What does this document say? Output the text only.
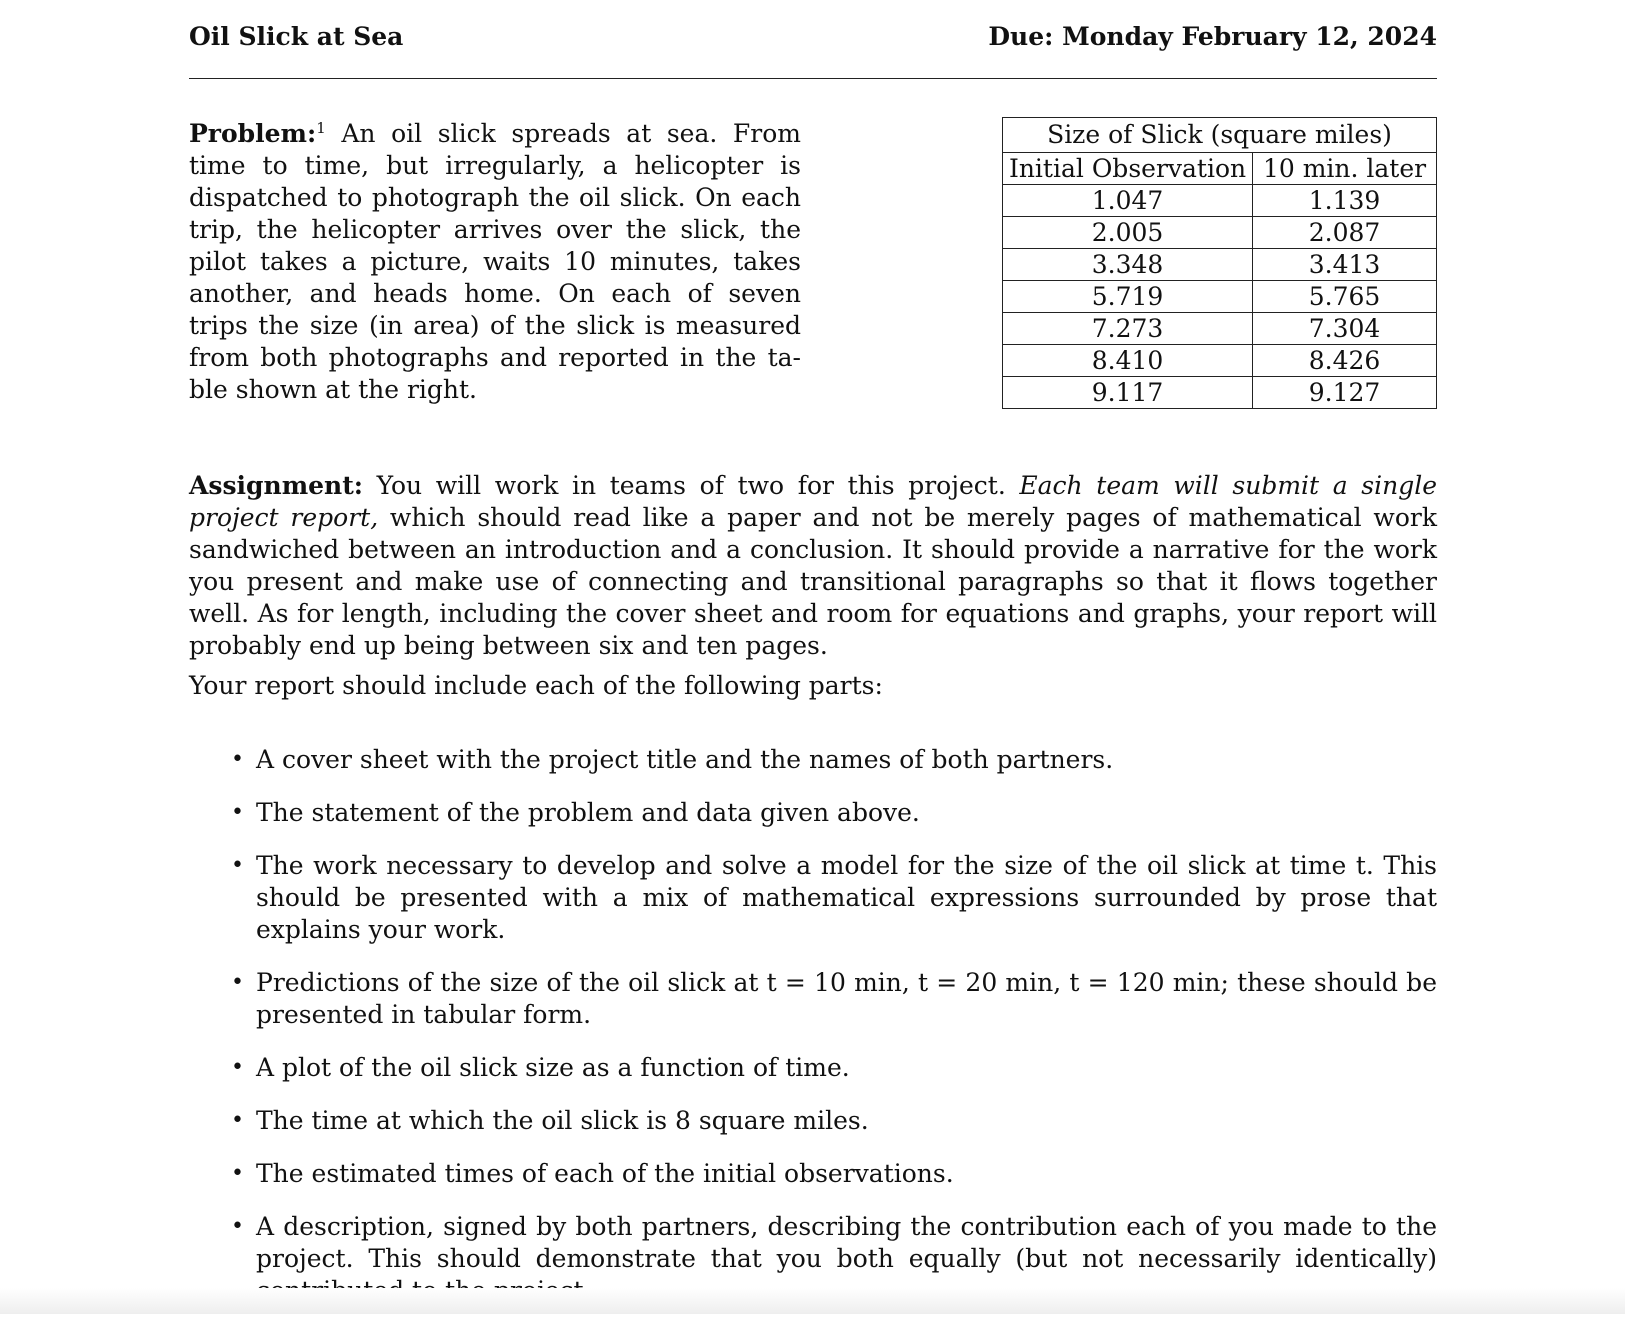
Oil Slick at Sea	Due: Monday February 12, 2024
Problem:$^1$ An oil slick spreads at sea. From time to time, but irregularly, a helicopter is dispatched to photograph the oil slick. On each trip, the helicopter arrives over the slick, the pilot takes a picture, waits 10 minutes, takes another, and heads home. On each of seven trips the size (in area) of the slick is measured from both photographs and reported in the table shown at the right.
Size of Slick (square miles)	
Initial Observation	10 min. later
1.047	1.139
2.005	2.087
3.348	3.413
5.719	5.765
7.273	7.304
8.410	8.426
9.117	9.127
Assignment: You will work in teams of two for this project. Each team will submit a single project report, which should read like a paper and not be merely pages of mathematical work sandwiched between an introduction and a conclusion. It should provide a narrative for the work you present and make use of connecting and transitional paragraphs so that it flows together well. As for length, including the cover sheet and room for equations and graphs, your report will probably end up being between six and ten pages.
Your report should include each of the following parts:
• A cover sheet with the project title and the names of both partners.
• The statement of the problem and data given above.
• The work necessary to develop and solve a model for the size of the oil slick at time t. This should be presented with a mix of mathematical expressions surrounded by prose that explains your work.
• Predictions of the size of the oil slick at t = 10 min, t = 20 min, t = 120 min; these should be presented in tabular form.
• A plot of the oil slick size as a function of time.
• The time at which the oil slick is 8 square miles.
• The estimated times of each of the initial observations.
• A description, signed by both partners, describing the contribution each of you made to the project. This should demonstrate that you both equally (but not necessarily identically)
